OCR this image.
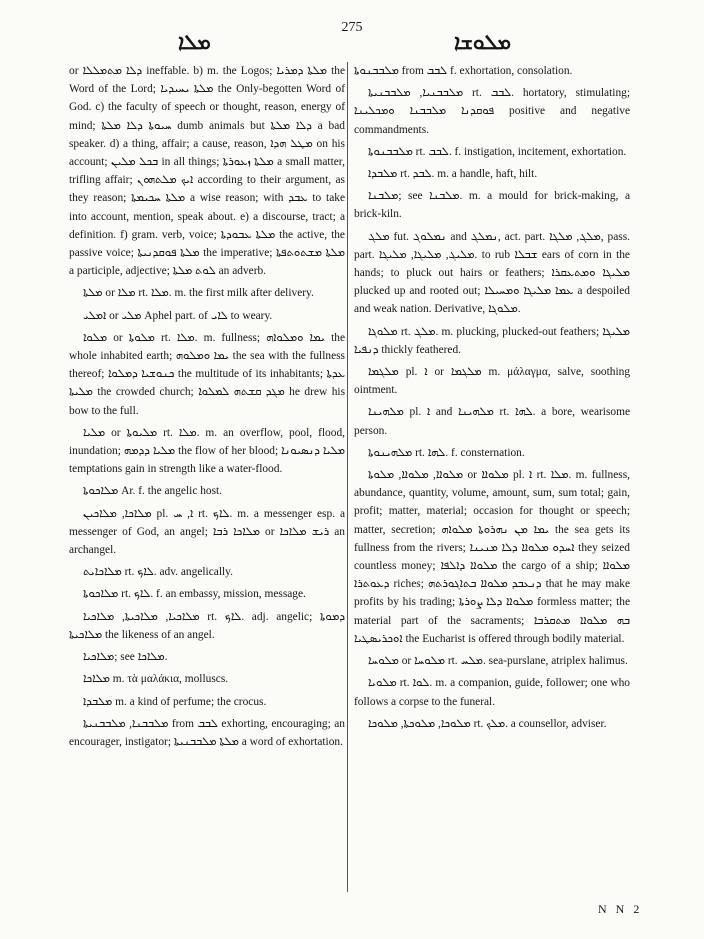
ܡܠܐ
275
ܡܠܘܫܐ

or ܕܠܐ ܡܬܡܠܠܐ ineffable. b) m. the Logos; ܡܠܬܐ ܕܡܪܝܐ the Word of the Lord; ܡܠܬܐ ܝܚܝܕܝܐ the Only-begotten Word of God. c) the faculty of speech or thought, reason, energy of mind; ܚܝܘܬܐ ܕܠܐ ܡܠܬܐ dumb animals but ܕܠܐ ܡܠܬܐ a bad speaker. d) a thing, affair; a cause, reason, ܡܛܠ ܗܕܐ on his account; ܒܟܠ ܡܠܝܢ in all things; ܡܠܬܐ ܙܥܘܪܬܐ a small matter, trifling affair; ܐܝܟ ܡܠܬܗܘܢ according to their argument, as they reason; ܡܠܬܐ ܚܟܝܡܬܐ a wise reason; with ܥܒܕ to take into account, mention, speak about. e) a discourse, tract; a definition. f) gram. verb, voice; ܡܠܬܐ ܥܒܘܕܬܐ the active, the passive voice; ܡܠܬܐ ܦܘܩܕܢܝܬܐ the imperative; ܡܠܬܐ ܡܫܬܘܬܦܬܐ a participle, adjective; ܠܘܬ ܡܠܬܐ an adverb.

ܡܠܬܐ or ܡܠܐ rt. ܡܠܐ. m. the first milk after delivery.

ܐܡܠܝ or ܡܠܝ Aphel part. of ܠܐܝ to weary.

ܡܠܘܐ or ܡܠܘܬܐ rt. ܡܠܐ. m. fullness; ܝܡܐ ܘܡܠܘܐܗ the whole inhabited earth; ܝܡܐ ܘܡܠܘܗ the sea with the fullness thereof; ܟܢܘܫܝܐ ܕܡܠܘܐ the multitude of its inhabitants; ܥܕܬܐ ܡܠܝܬܐ the crowded church; ܡܓܕ ܩܫܬܗ ܠܡܠܘܐ he drew his bow to the full.

ܡܠܝܐ or ܡܠܝܘܬܐ rt. ܡܠܐ. m. an overflow, pool, flood, inundation; ܡܠܝܐ ܕܕܡܗ the flow of her blood; ܡܠܝܐ ܕܢܣܝܘܢܐ temptations gain in strength like a water-flood.

ܡܠܐܟܘܬܐ Ar. f. the angelic host.

ܡܠܐܟܐ, ܡܠܐܟܝܢ pl. ܐ, ܚ rt. ܠܐܟ. m. a messenger esp. a messenger of God, an angel; ܡܠܐܟܐ ܪܒܐ or ܪܝܫ ܡܠܐܟܐ an archangel.

ܡܠܐܟܐܝܬ rt. ܠܐܟ. adv. angelically.

ܡܠܐܟܘܬܐ rt. ܠܐܟ. f. an embassy, mission, message.

ܡܠܐܟܝܐ, ܡܠܐܟܝܬܐ, ܡܠܐܟܝܐ rt. ܠܐܟ. adj. angelic; ܕܡܘܬܐ ܡܠܐܟܝܬܐ the likeness of an angel.

ܡܠܐܟܝܐ; see ܡܠܐܟܐ.

ܡܠܐܟܐ m. τὰ μαλάκια, molluscs.

ܡܠܒܕܐ m. a kind of perfume; the crocus.

ܡܠܒܒܢܐ, ܡܠܒܒܢܝܬܐ from ܠܒܒ exhorting, encouraging; an encourager, instigator; ܡܠܬܐ ܡܠܒܒܢܝܬܐ a word of exhortation.

ܡܠܒܒܢܘܬܐ from ܠܒܒ f. exhortation, consolation.

ܡܠܒܒܢܝܐ, ܡܠܒܒܢܝܬܐ rt. ܠܒܒ. hortatory, stimulating; ܦܘܩܕܢܐ ܡܠܒܒܢܐ ܘܡܟܠܝܢܐ positive and negative commandments.

ܡܠܒܒܢܘܬܐ rt. ܠܒܒ. f. instigation, incitement, exhortation.

ܡܠܒܕܐ rt. ܠܒܕ. m. a handle, haft, hilt.

ܡܠܒܢܐ; see ܡܠܒܢܐ. m. a mould for brick-making, a brick-kiln.

ܡܠܓ fut. ܢܡܠܘܓ and ܢܡܠܓ, act. part. ܡܠܓ, ܡܠܓܐ, pass. part. ܡܠܝܓ, ܡܠܝܓܐ, ܡܠܝܓܐ. to rub ܫܒܠܐ ears of corn in the hands; to pluck out hairs or feathers; ܡܠܝܓܐ ܘܡܬܥܩܪܐ plucked up and rooted out; ܥܡܐ ܡܠܝܓܐ ܘܡܚܝܠܐ a despoiled and weak nation. Derivative, ܡܠܘܓܐ.

ܡܠܘܓܐ rt. ܡܠܓ. m. plucking, plucked-out feathers; ܡܠܝܓܐ ܕܢܦܝܐ thickly feathered.

ܡܠܓܡܐ pl. ܐ or ܡܠܓܡܐ m. μάλαγμα, salve, soothing ointment.

ܡܠܗܝܢܐ pl. ܐ and ܡܠܗܝܢܐ rt. ܠܗܐ. a bore, wearisome person.

ܡܠܗܝܢܘܬܐ rt. ܠܗܐ. f. consternation.

ܡܠܘܐܐ, ܡܠܘܐܐ, ܡܠܘܬܐ or ܡܠܘܐܐ pl. ܐ rt. ܡܠܐ. m. fullness, abundance, quantity, volume, amount, sum, sum total; gain, profit; matter, material; occasion for thought or speech; matter, secretion; ܝܡܐ ܡܢ ܢܗܪܘܬܐ ܡܠܘܐܗ the sea gets its fullness from the rivers; ܐܚܕܘ ܡܠܘܐܐ ܕܠܐ ܡܢܝܢܐ they seized countless money; ܡܠܘܐܐ ܕܐܠܦܐ the cargo of a ship; ܡܠܘܐܐ ܕܥܘܬܪܐ riches; ܕܢܥܒܕ ܡܠܘܐܐ ܒܬܐܓܘܪܬܗ that he may make profits by his trading; ܡܠܘܐܐ ܕܠܐ ܨܘܪܬܐ formless matter; the material part of the sacraments; ܒܗ ܡܠܘܐܐ ܡܬܩܪܒܐ ܐܘܟܪܝܣܛܝܐ the Eucharist is offered through bodily material.

ܡܠܘܚܐ or ܡܠܘܚܐ rt. ܡܠܚ. sea-purslane, atriplex halimus.

ܡܠܘܝܐ rt. ܠܘܐ. m. a companion, guide, follower; one who follows a corpse to the funeral.

ܡܠܘܟܐ, ܡܠܘܟܬܐ, ܡܠܘܟܐ rt. ܡܠܟ. a counsellor, adviser.

N N 2
